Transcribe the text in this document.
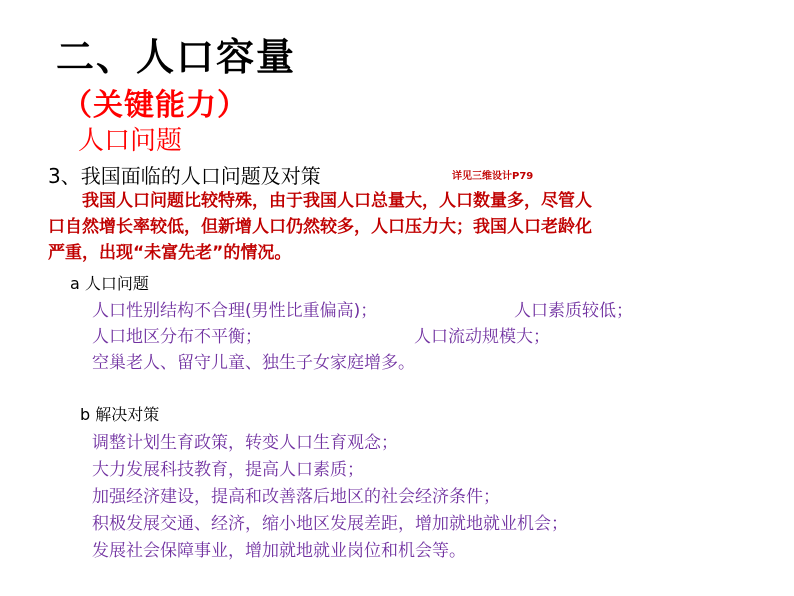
二、人口容量
（关键能力）
人口问题
3、我国面临的人口问题及对策	详见三维设计P79
我国人口问题比较特殊，由于我国人口总量大，人口数量多，尽管人
口自然增长率较低，但新增人口仍然较多，人口压力大；我国人口老龄化
严重，出现“未富先老”的情况。
a 人口问题
人口性别结构不合理(男性比重偏高)；	人口素质较低；
人口地区分布不平衡；	人口流动规模大；
空巢老人、留守儿童、独生子女家庭增多。
b 解决对策
调整计划生育政策，转变人口生育观念；
大力发展科技教育，提高人口素质；
加强经济建设，提高和改善落后地区的社会经济条件；
积极发展交通、经济，缩小地区发展差距，增加就地就业机会；
发展社会保障事业，增加就地就业岗位和机会等。
